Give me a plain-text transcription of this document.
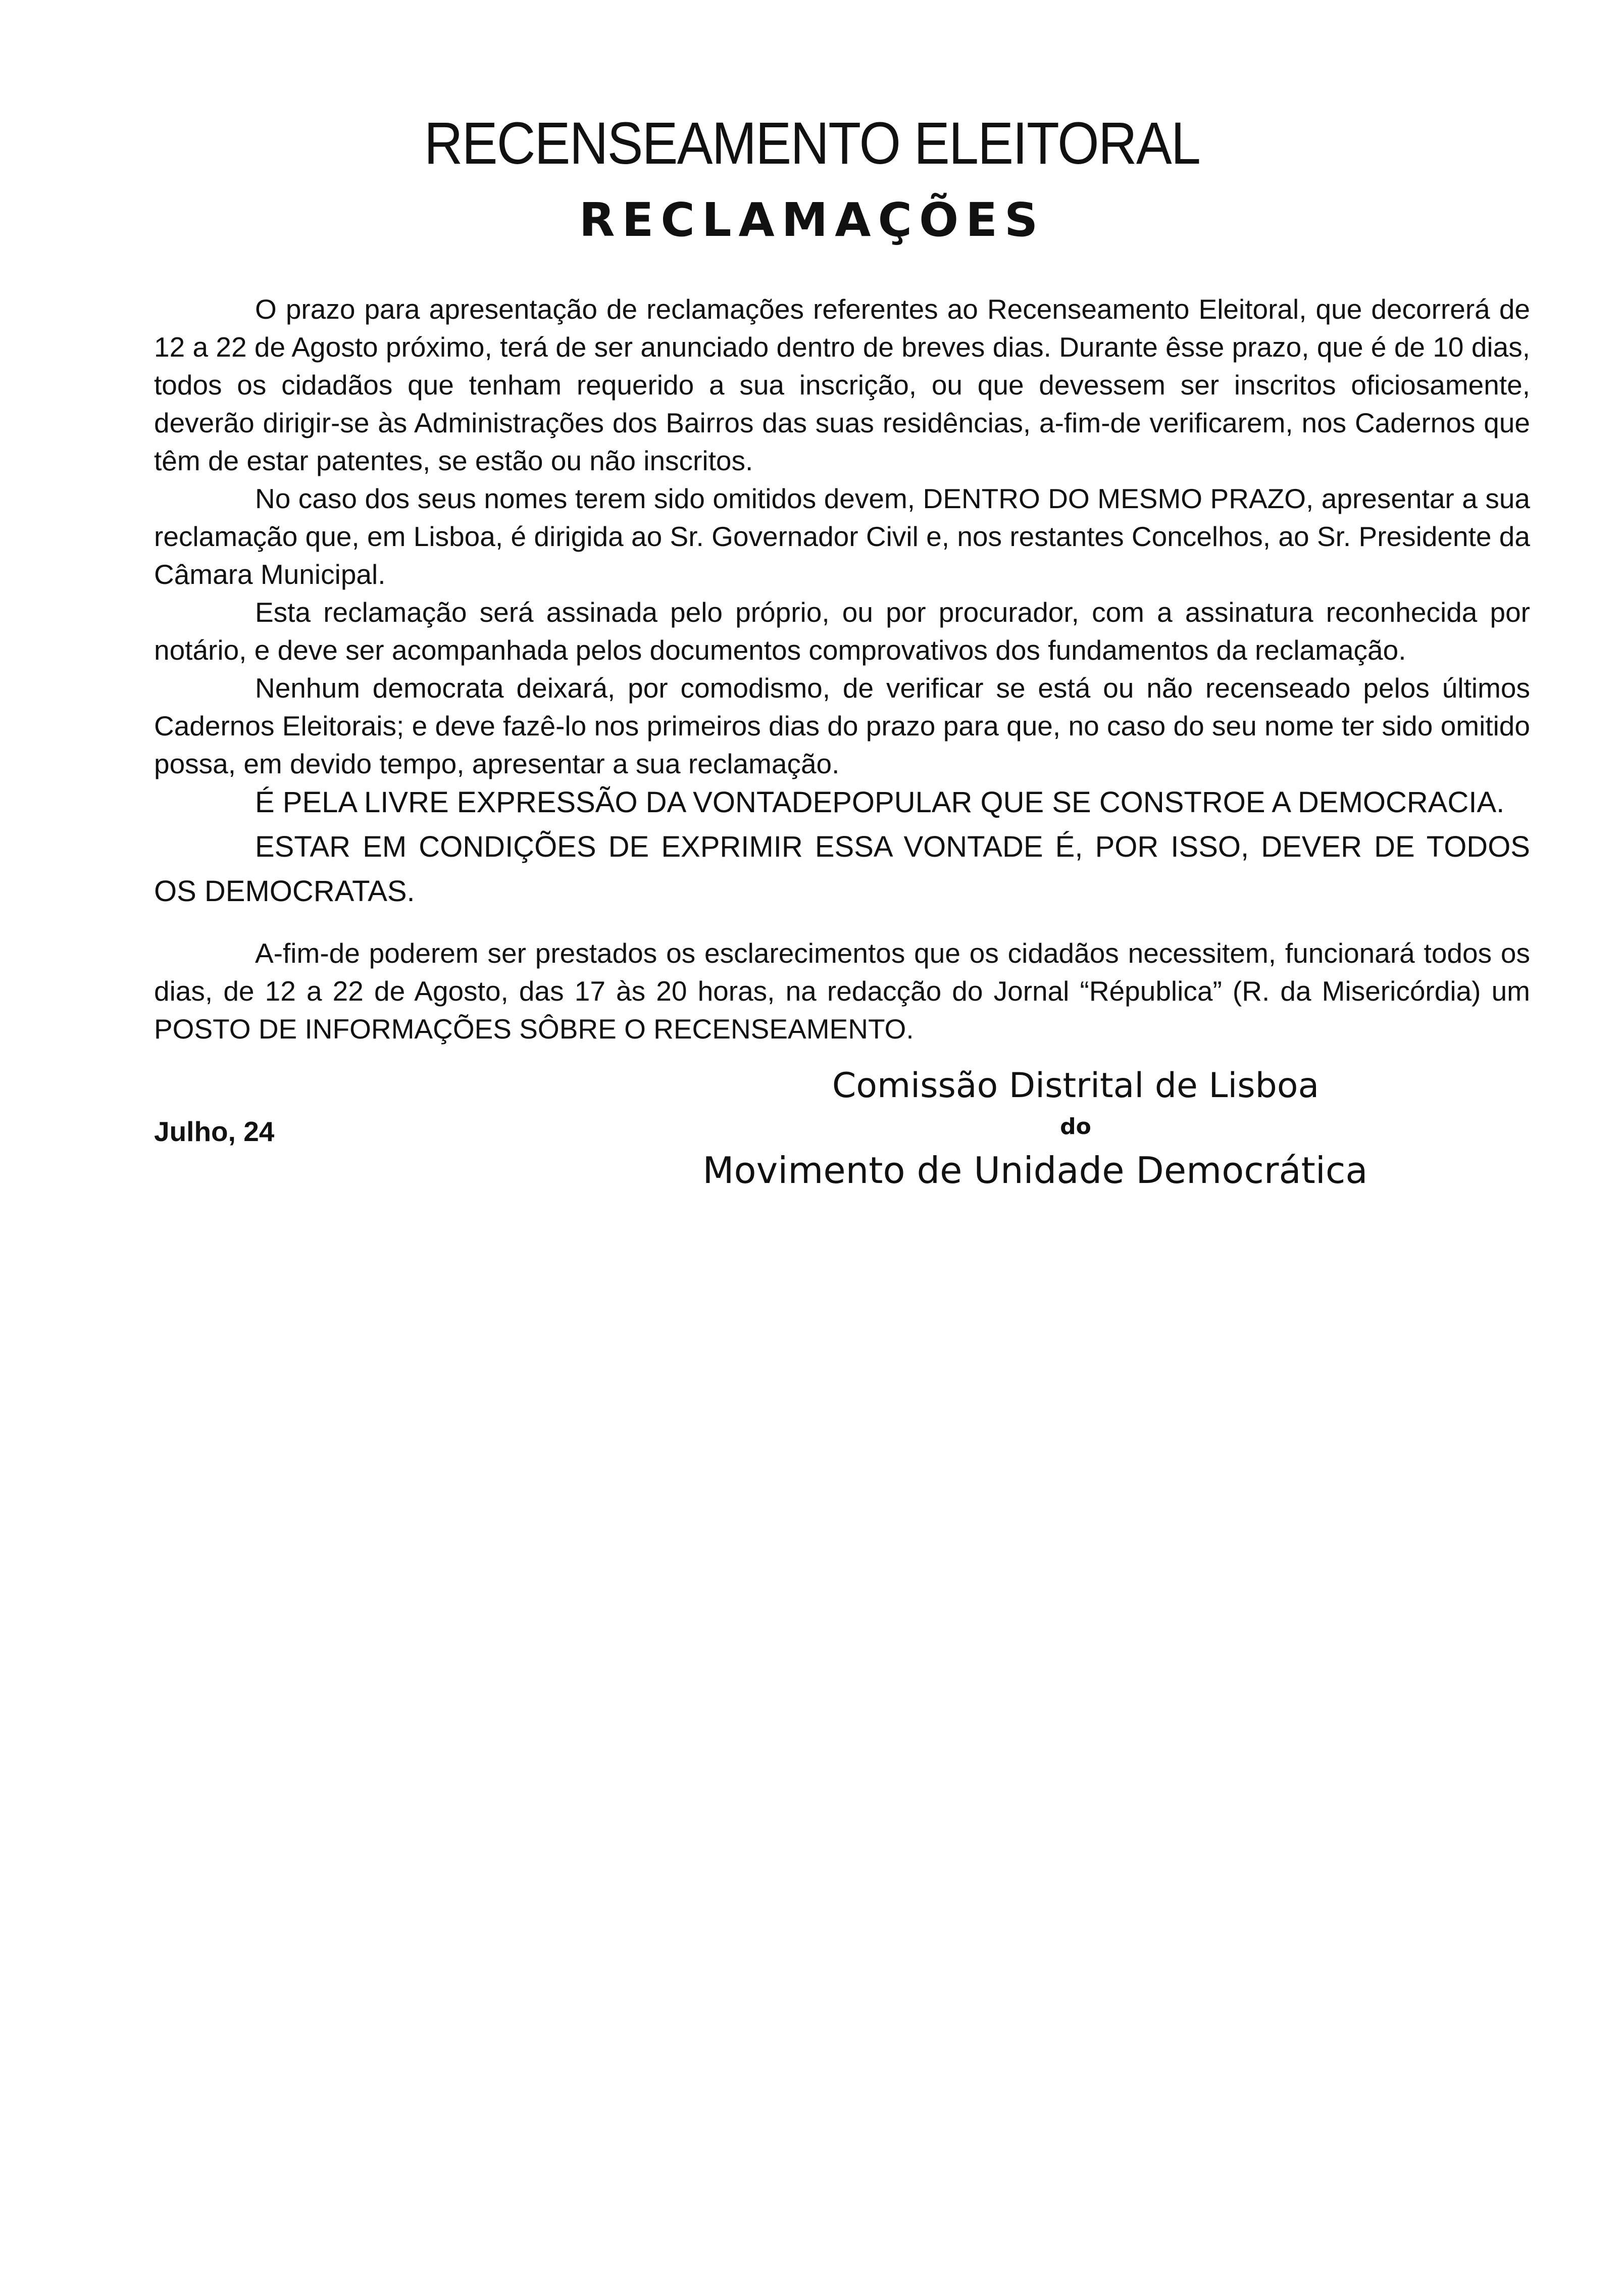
RECENSEAMENTO ELEITORAL
RECLAMAÇÕES

O prazo para apresentação de reclamações referentes ao Recenseamento Eleitoral, que decorrerá de 12 a 22 de Agosto próximo, terá de ser anunciado dentro de breves dias. Durante êsse prazo, que é de 10 dias, todos os cidadãos que tenham requerido a sua inscrição, ou que devessem ser inscritos oficiosamente, deverão dirigir-se às Administrações dos Bairros das suas residências, a-fim-de verificarem, nos Cadernos que têm de estar patentes, se estão ou não inscritos.

No caso dos seus nomes terem sido omitidos devem, DENTRO DO MESMO PRAZO, apresentar a sua reclamação que, em Lisboa, é dirigida ao Sr. Governador Civil e, nos restantes Concelhos, ao Sr. Presidente da Câmara Municipal.

Esta reclamação será assinada pelo próprio, ou por procurador, com a assinatura reconhecida por notário, e deve ser acompanhada pelos documentos comprovativos dos fundamentos da reclamação.

Nenhum democrata deixará, por comodismo, de verificar se está ou não recenseado pelos últimos Cadernos Eleitorais; e deve fazê-lo nos primeiros dias do prazo para que, no caso do seu nome ter sido omitido possa, em devido tempo, apresentar a sua reclamação.

É PELA LIVRE EXPRESSÃO DA VONTADEPOPULAR QUE SE CONSTROE A DEMOCRACIA.

ESTAR EM CONDIÇÕES DE EXPRIMIR ESSA VONTADE É, POR ISSO, DEVER DE TODOS OS DEMOCRATAS.

A-fim-de poderem ser prestados os esclarecimentos que os cidadãos necessitem, funcionará todos os dias, de 12 a 22 de Agosto, das 17 às 20 horas, na redacção do Jornal “Républica” (R. da Misericórdia) um POSTO DE INFORMAÇÕES SÔBRE O RECENSEAMENTO.

Julho, 24
Comissão Distrital de Lisboa
do
Movimento de Unidade Democrática
